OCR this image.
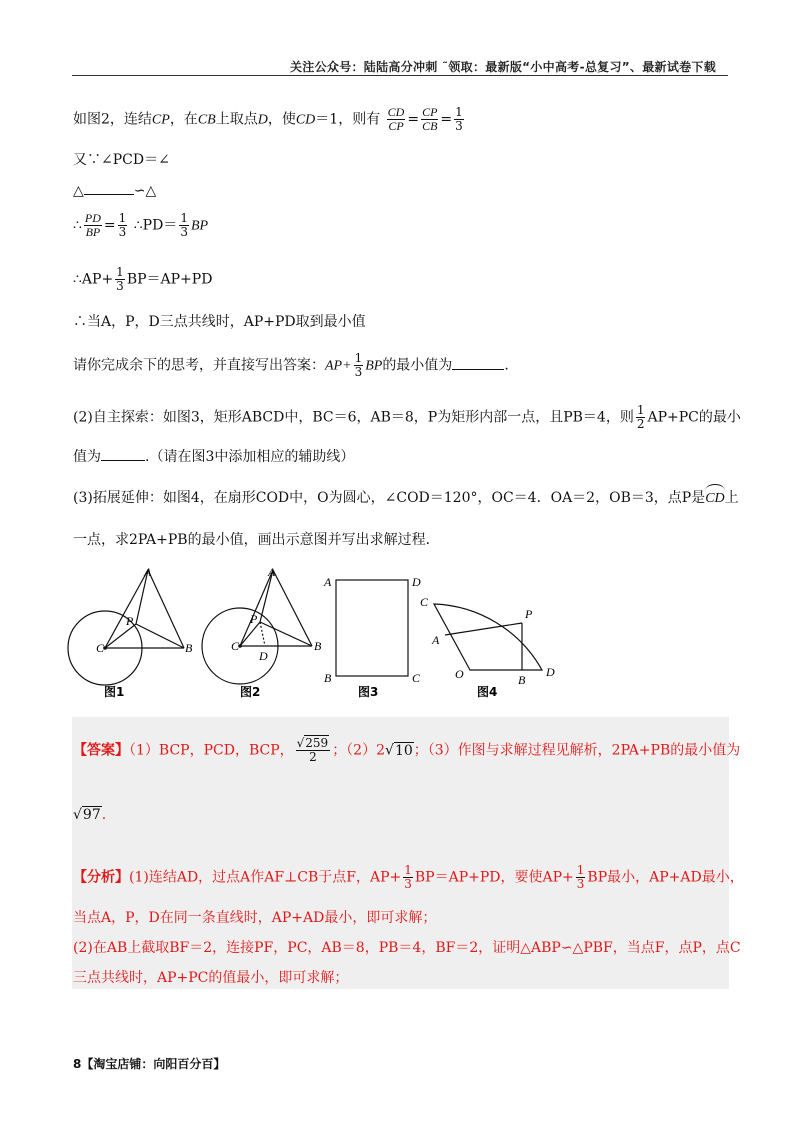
关注公众号：陆陆高分冲刺 ˜领取：最新版“小中高考-总复习”、最新试卷下载
如图2，连结CP，在CB上取点D，使CD＝1，则有 $\frac{CD}{CP} = \frac{CP}{CB} = \frac{1}{3}$
又∵∠PCD＝∠
△	∽△
∴ $\frac{PD}{BP} = \frac{1}{3}$ ∴PD＝ $\frac{1}{3}$ BP
∴AP+ $\frac{1}{3} BP=AP+PD$
∴当A，P，D三点共线时，AP+PD取到最小值
请你完成余下的思考，并直接写出答案：$AP+ \frac{1}{3}$ BP的最小值为	.
(2)自主探索：如图3，矩形ABCD中，BC＝6，AB＝8，P为矩形内部一点，且PB＝4，则 $\frac{1}{2} AP+PC$的最小
值为	.（请在图3中添加相应的辅助线）
(3)拓展延伸：如图4，在扇形COD中，O为圆心，∠COD＝120°，OC＝4．OA＝2，OB＝3，点P是
CD上
一点，求2PA+PB的最小值，画出示意图并写出求解过程．
A
P
C	B
图1
A
P
C	B
D
图2
A	D
B	C
图3
C
A
P
O	B
D
图4
【答案】（1）BCP，PCD，BCP， $\frac{√259}{2}$ ；（2）2√10；（3）作图与求解过程见解析，2PA+PB的最小值为
√97.
【分析】(1)连结AD，过点A作AF⊥CB于点F，$AP+ \frac{1}{3} BP=AP+PD$，要使$AP+ \frac{1}{3}$ BP最小，AP+AD最小，
当点A，P，D在同一条直线时，AP+AD最小，即可求解；
(2)在AB上截取BF＝2，连接PF，PC，AB＝8，PB＝4，BF＝2，证明△ABP∽△PBF，当点F，点P，点C
三点共线时，AP+PC的值最小，即可求解；
8【淘宝店铺：向阳百分百】
